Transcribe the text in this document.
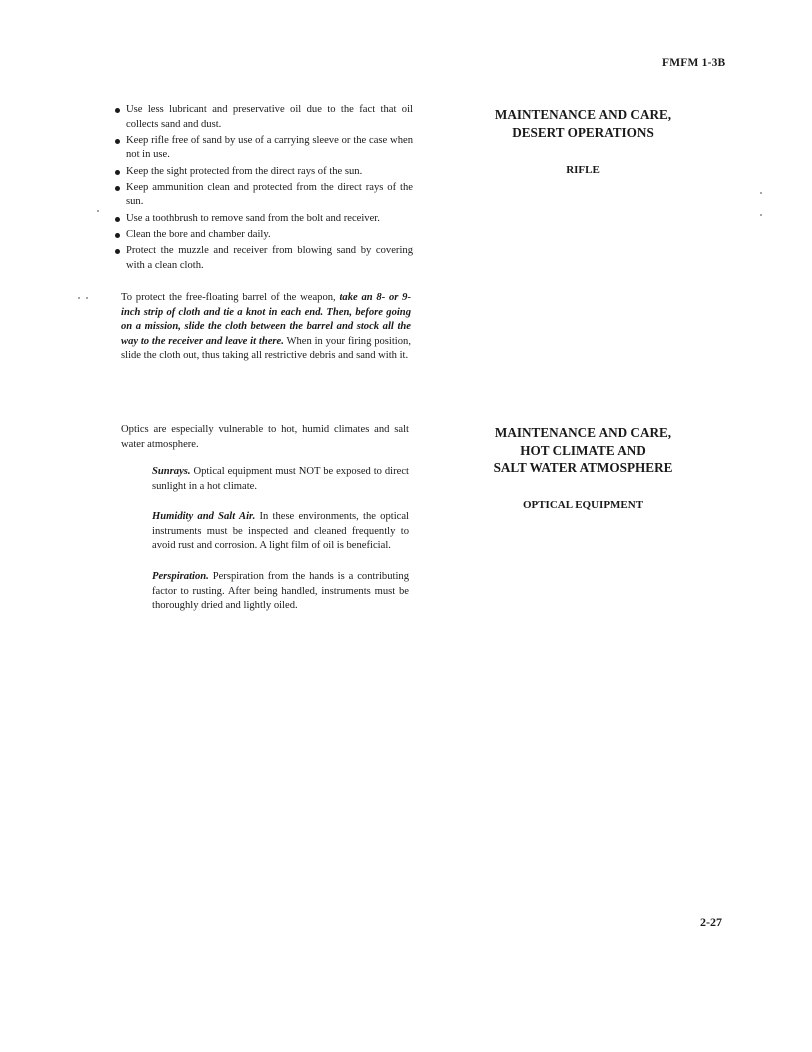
FMFM 1-3B
Use less lubricant and preservative oil due to the fact that oil collects sand and dust.
Keep rifle free of sand by use of a carrying sleeve or the case when not in use.
Keep the sight protected from the direct rays of the sun.
Keep ammunition clean and protected from the direct rays of the sun.
Use a toothbrush to remove sand from the bolt and receiver.
Clean the bore and chamber daily.
Protect the muzzle and receiver from blowing sand by covering with a clean cloth.

To protect the free-floating barrel of the weapon, take an 8- or 9-inch strip of cloth and tie a knot in each end. Then, before going on a mission, slide the cloth between the barrel and stock all the way to the receiver and leave it there. When in your firing position, slide the cloth out, thus taking all restrictive debris and sand with it.

MAINTENANCE AND CARE,

DESERT OPERATIONS

RIFLE

Optics are especially vulnerable to hot, humid climates and salt water atmosphere.

Sunrays. Optical equipment must NOT be exposed to direct sunlight in a hot climate.

Humidity and Salt Air. In these environments, the optical instruments must be inspected and cleaned frequently to avoid rust and corrosion. A light film of oil is beneficial.

Perspiration. Perspiration from the hands is a contributing factor to rusting. After being handled, instruments must be thoroughly dried and lightly oiled.

MAINTENANCE AND CARE,

HOT CLIMATE AND

SALT WATER ATMOSPHERE

OPTICAL EQUIPMENT

2-27
